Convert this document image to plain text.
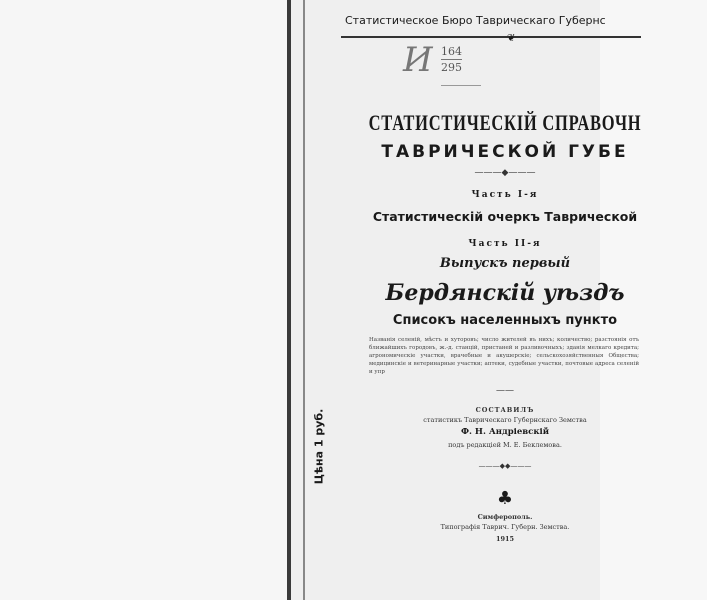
Статистическое Бюро Таврическаго Губернс
❦
И $\frac{164}{295}$
СТАТИСТИЧЕСКІЙ СПРАВОЧН
ТАВРИЧЕСКОЙ ГУБЕ
———◆———
Часть I-я
Статистическій очеркъ Таврической
Часть II-я
Выпускъ первый
Бердянскій уѣздъ
Списокъ населенныхъ пункто
Названія селеній, мѣстъ и хуторовъ; число жителей въ нихъ; количество; разстоянія отъ ближайшихъ городовъ, ж.-д. станцій, пристаней и разливочныхъ; зданія мелкаго кредита; агрономическіе участки, врачебные и акушерскіе; сельскохозяйственныя Общества; медицинскіе и ветеринарные участки; аптеки, судебные участки, почтовые адреса селеній и упр
——
СОСТАВИЛЪ
статистикъ Таврическаго Губернскаго Земства
Ф. Н. Андріевскій
подъ редакціей М. Е. Беклемова.
———◆◆———
♣
Симферополь.
Типографія Таврич. Губерн. Земства.
1915
Цѣна 1 руб.
